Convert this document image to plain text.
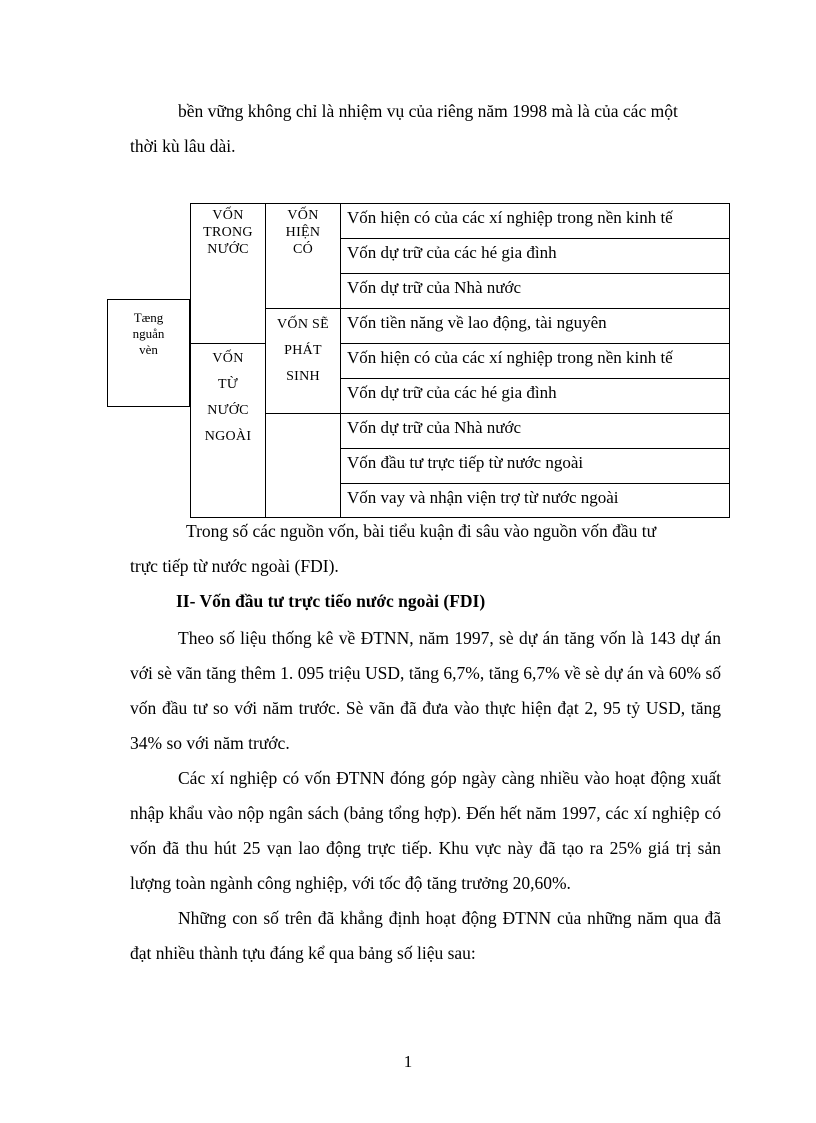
bền vững không chỉ là nhiệm vụ của riêng năm 1998 mà là của các một
thời kù lâu dài.
Tæng nguån vèn
VỐN TRONG NƯỚC
VỐN TỪ NƯỚC NGOÀI
VỐN HIỆN CÓ
VỐN SẼ PHÁT SINH
Vốn hiện có của các xí nghiệp trong nền kinh tế
Vốn dự trữ của các hé gia đình
Vốn dự trữ của Nhà nước
Vốn tiền năng về lao động, tài nguyên
Vốn hiện có của các xí nghiệp trong nền kinh tế
Vốn dự trữ của các hé gia đình
Vốn dự trữ của Nhà nước
Vốn đầu tư trực tiếp từ nước ngoài
Vốn vay và nhận viện trợ từ nước ngoài
Trong số các nguồn vốn, bài tiểu kuận đi sâu vào nguồn vốn đầu tư
trực tiếp từ nước ngoài (FDI).
II- Vốn đầu tư trực tiếo nước ngoài (FDI)

Theo số liệu thống kê về ĐTNN, năm 1997, sè dự án tăng vốn là 143 dự án với sè vãn tăng thêm 1. 095 triệu USD, tăng 6,7%, tăng 6,7% về sè dự án và 60% số vốn đầu tư so với năm trước. Sè vãn đã đưa vào thực hiện đạt 2, 95 tỷ USD, tăng 34% so với năm trước.

Các xí nghiệp có vốn ĐTNN đóng góp ngày càng nhiều vào hoạt động xuất nhập khẩu vào nộp ngân sách (bảng tổng hợp). Đến hết năm 1997, các xí nghiệp có vốn đã thu hút 25 vạn lao động trực tiếp. Khu vực này đã tạo ra 25% giá trị sản lượng toàn ngành công nghiệp, với tốc độ tăng trưởng 20,60%.

Những con số trên đã khẳng định hoạt động ĐTNN của những năm qua đã đạt nhiều thành tựu đáng kể qua bảng số liệu sau:

1
